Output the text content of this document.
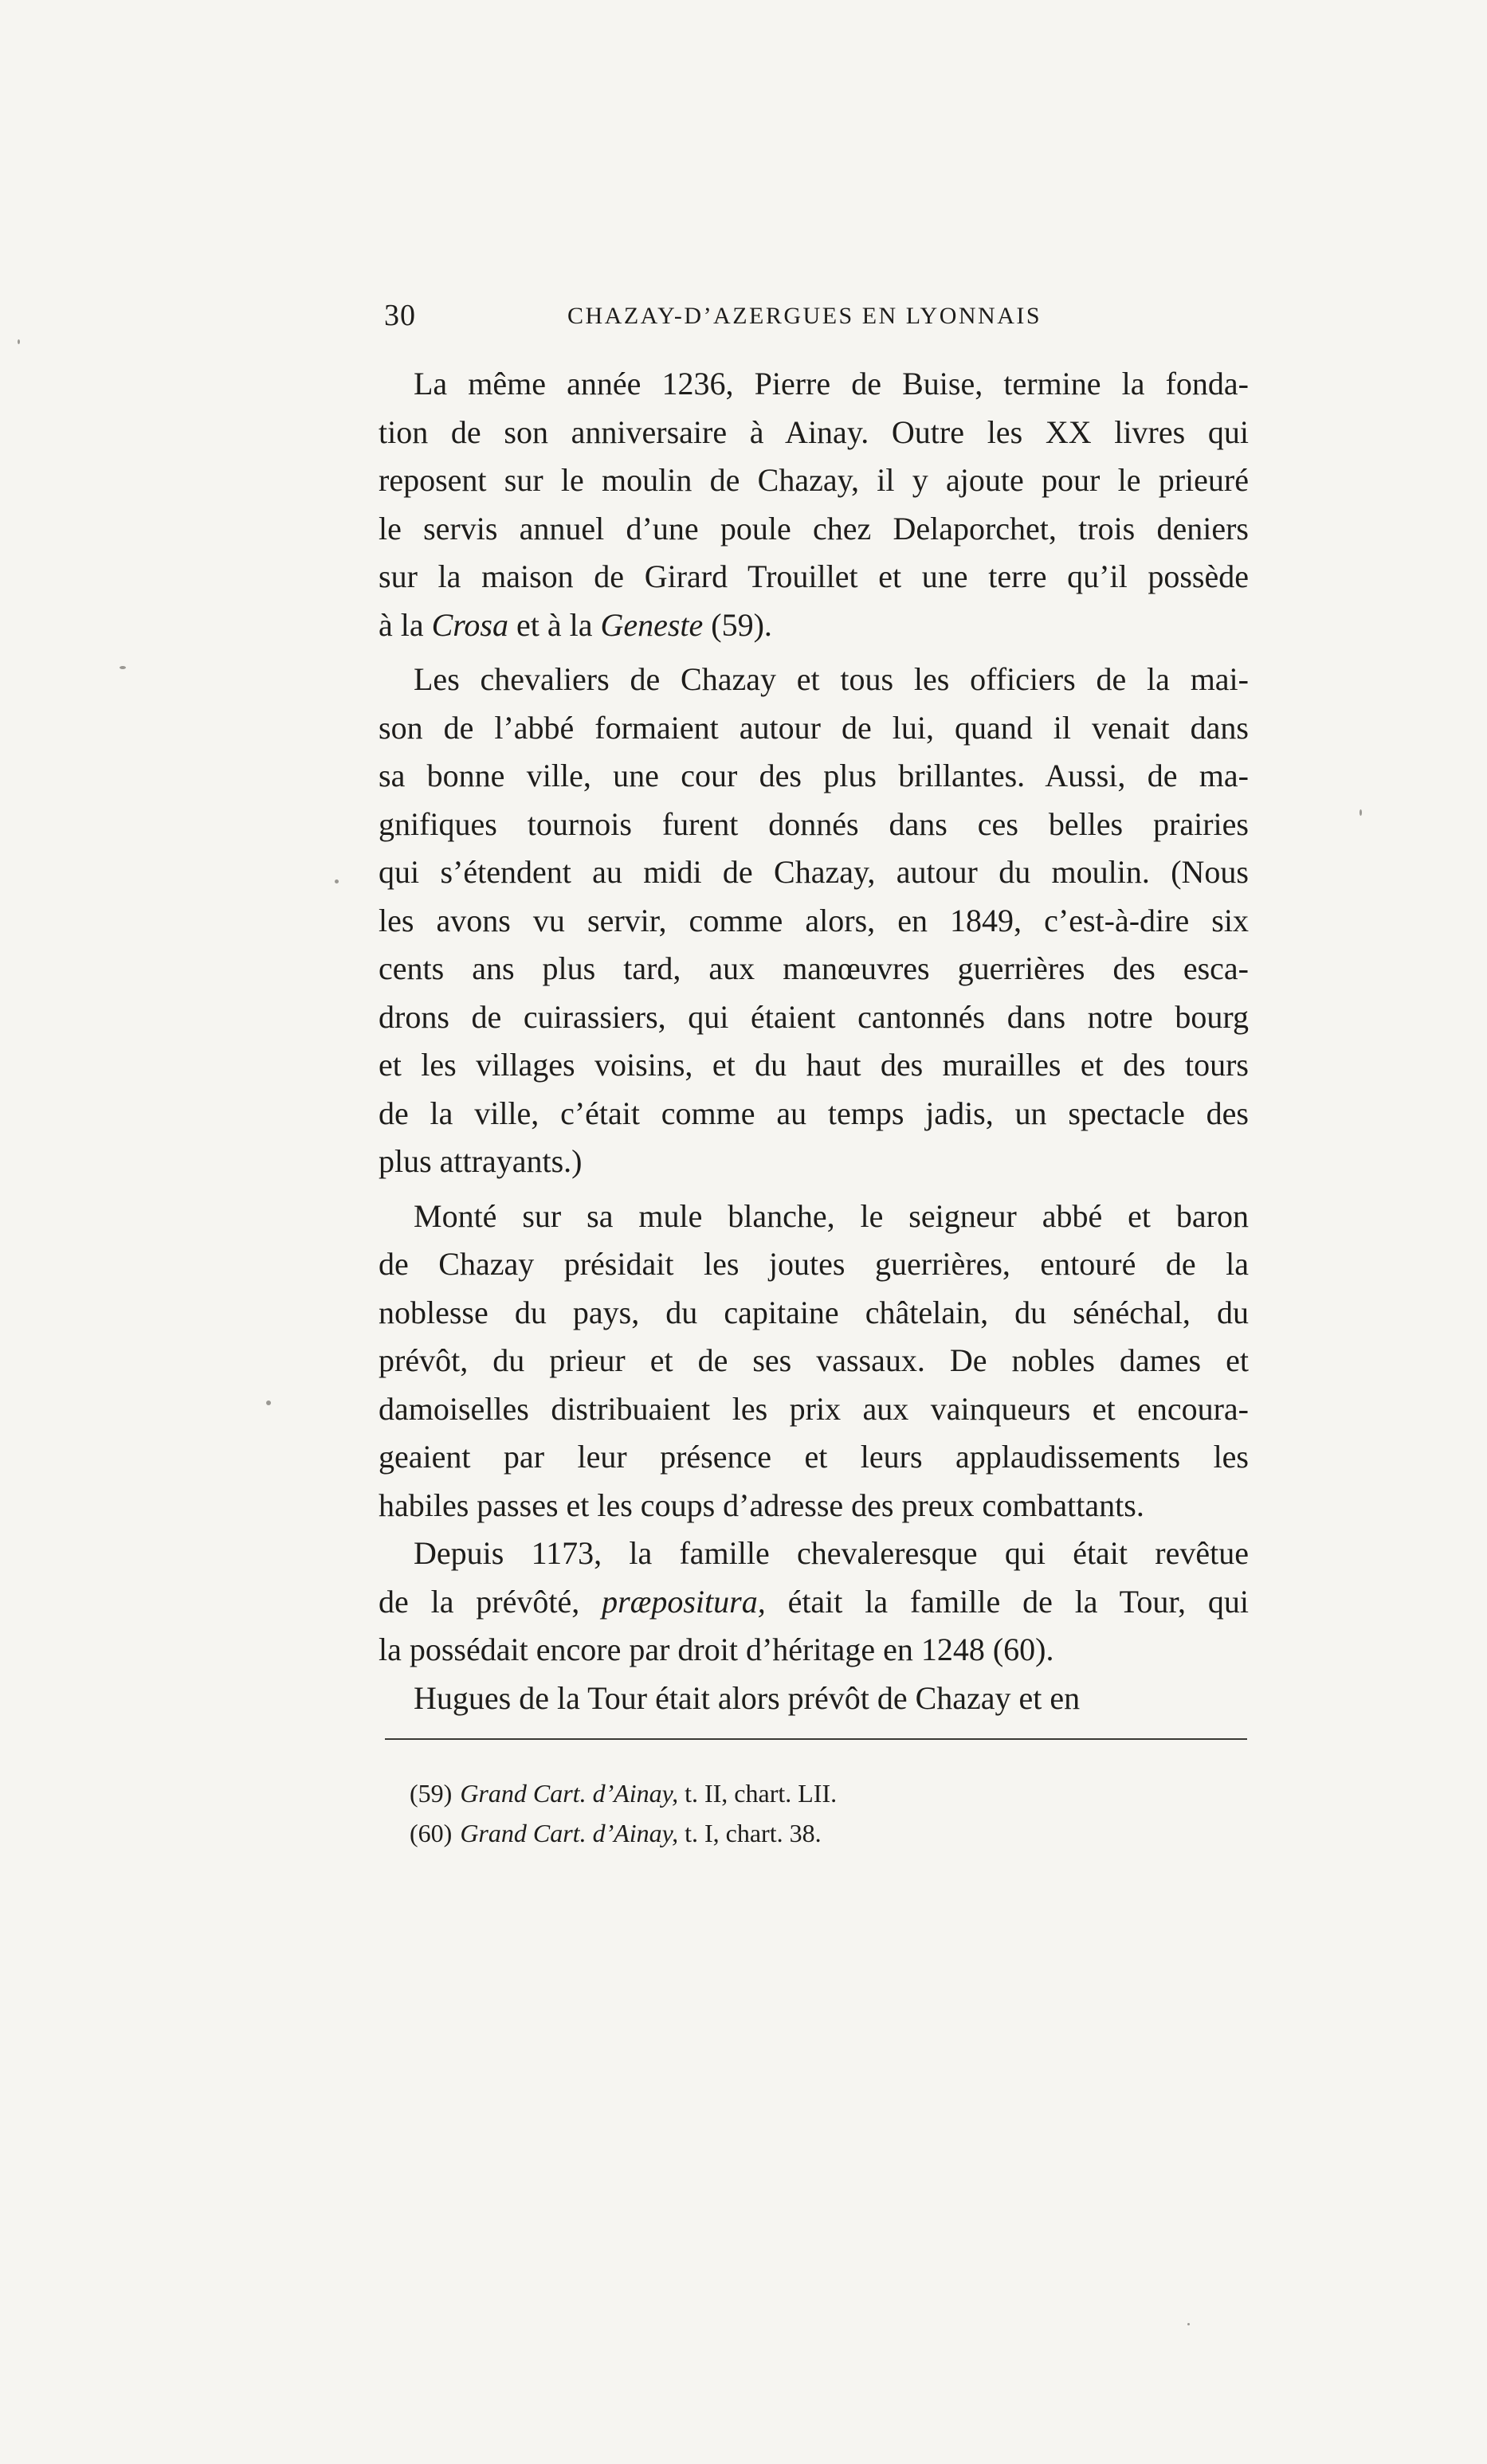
30	CHAZAY-D’AZERGUES EN LYONNAIS
La même année 1236, Pierre de Buise, termine la fonda-
tion de son anniversaire à Ainay. Outre les XX livres qui
reposent sur le moulin de Chazay, il y ajoute pour le prieuré
le servis annuel d’une poule chez Delaporchet, trois deniers
sur la maison de Girard Trouillet et une terre qu’il possède
à la Crosa et à la Geneste (59).
Les chevaliers de Chazay et tous les officiers de la mai-
son de l’abbé formaient autour de lui, quand il venait dans
sa bonne ville, une cour des plus brillantes. Aussi, de ma-
gnifiques tournois furent donnés dans ces belles prairies
qui s’étendent au midi de Chazay, autour du moulin. (Nous
les avons vu servir, comme alors, en 1849, c’est-à-dire six
cents ans plus tard, aux manœuvres guerrières des esca-
drons de cuirassiers, qui étaient cantonnés dans notre bourg
et les villages voisins, et du haut des murailles et des tours
de la ville, c’était comme au temps jadis, un spectacle des
plus attrayants.)
Monté sur sa mule blanche, le seigneur abbé et baron
de Chazay présidait les joutes guerrières, entouré de la
noblesse du pays, du capitaine châtelain, du sénéchal, du
prévôt, du prieur et de ses vassaux. De nobles dames et
damoiselles distribuaient les prix aux vainqueurs et encoura-
geaient par leur présence et leurs applaudissements les
habiles passes et les coups d’adresse des preux combattants.
Depuis 1173, la famille chevaleresque qui était revêtue
de la prévôté, præpositura, était la famille de la Tour, qui
la possédait encore par droit d’héritage en 1248 (60).
Hugues de la Tour était alors prévôt de Chazay et en
(59) Grand Cart. d’Ainay, t. II, chart. LII.
(60) Grand Cart. d’Ainay, t. I, chart. 38.
